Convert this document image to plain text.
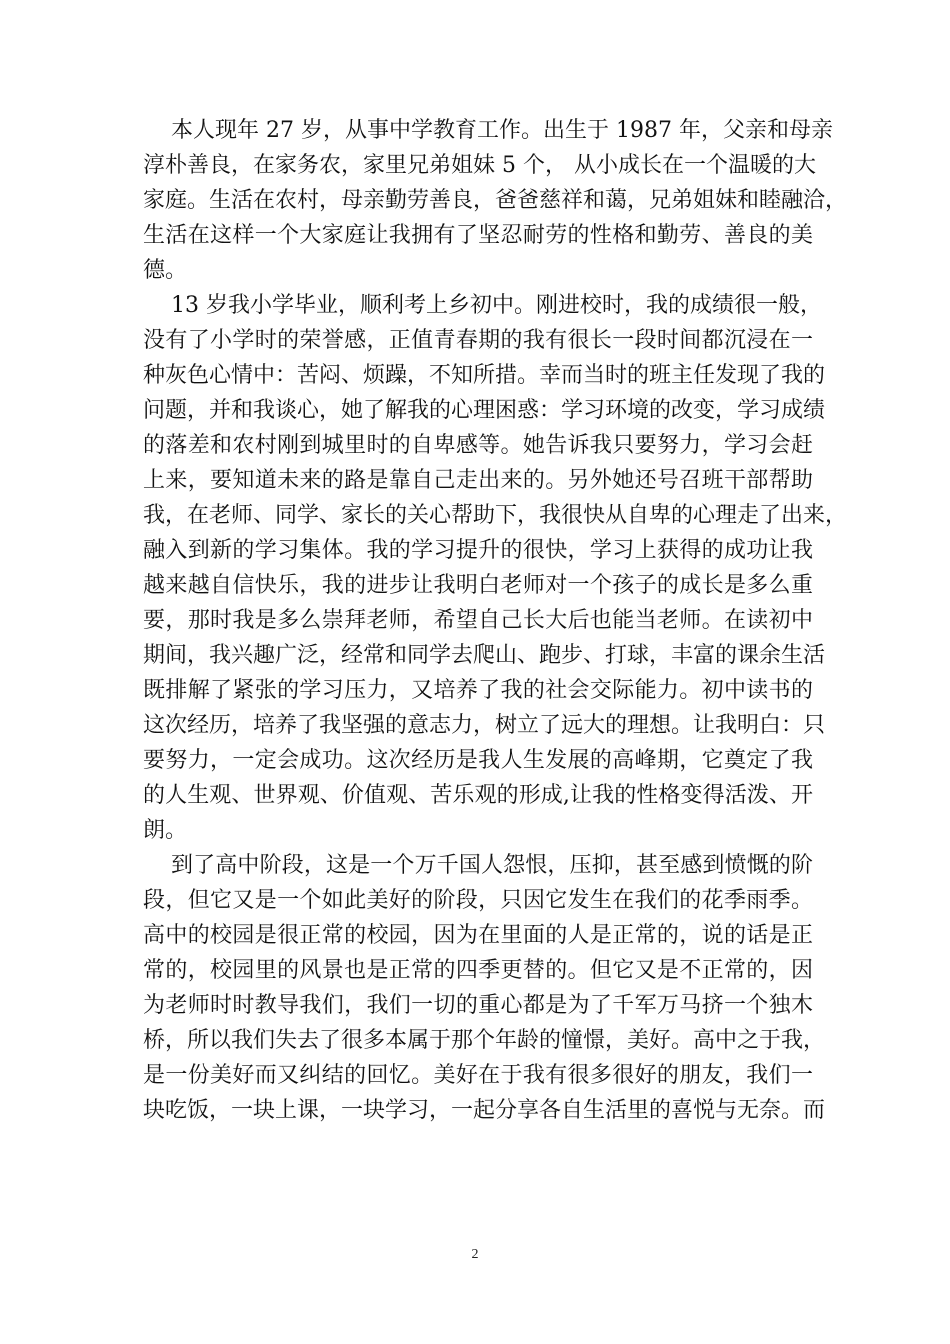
本人现年 27 岁，从事中学教育工作。出生于 1987 年，父亲和母亲
淳朴善良，在家务农，家里兄弟姐妹 5 个， 从小成长在一个温暖的大
家庭。生活在农村，母亲勤劳善良，爸爸慈祥和蔼，兄弟姐妹和睦融洽，
生活在这样一个大家庭让我拥有了坚忍耐劳的性格和勤劳、善良的美
德。
13 岁我小学毕业，顺利考上乡初中。刚进校时，我的成绩很一般，
没有了小学时的荣誉感，正值青春期的我有很长一段时间都沉浸在一
种灰色心情中：苦闷、烦躁，不知所措。幸而当时的班主任发现了我的
问题，并和我谈心，她了解我的心理困惑：学习环境的改变，学习成绩
的落差和农村刚到城里时的自卑感等。她告诉我只要努力，学习会赶
上来，要知道未来的路是靠自己走出来的。另外她还号召班干部帮助
我，在老师、同学、家长的关心帮助下，我很快从自卑的心理走了出来，
融入到新的学习集体。我的学习提升的很快，学习上获得的成功让我
越来越自信快乐，我的进步让我明白老师对一个孩子的成长是多么重
要，那时我是多么崇拜老师，希望自己长大后也能当老师。在读初中
期间，我兴趣广泛，经常和同学去爬山、跑步、打球，丰富的课余生活
既排解了紧张的学习压力，又培养了我的社会交际能力。初中读书的
这次经历，培养了我坚强的意志力，树立了远大的理想。让我明白：只
要努力，一定会成功。这次经历是我人生发展的高峰期，它奠定了我
的人生观、世界观、价值观、苦乐观的形成,让我的性格变得活泼、开
朗。
到了高中阶段，这是一个万千国人怨恨，压抑，甚至感到愤慨的阶
段，但它又是一个如此美好的阶段，只因它发生在我们的花季雨季。
高中的校园是很正常的校园，因为在里面的人是正常的，说的话是正
常的，校园里的风景也是正常的四季更替的。但它又是不正常的，因
为老师时时教导我们，我们一切的重心都是为了千军万马挤一个独木
桥，所以我们失去了很多本属于那个年龄的憧憬，美好。高中之于我，
是一份美好而又纠结的回忆。美好在于我有很多很好的朋友，我们一
块吃饭，一块上课，一块学习，一起分享各自生活里的喜悦与无奈。而
2
